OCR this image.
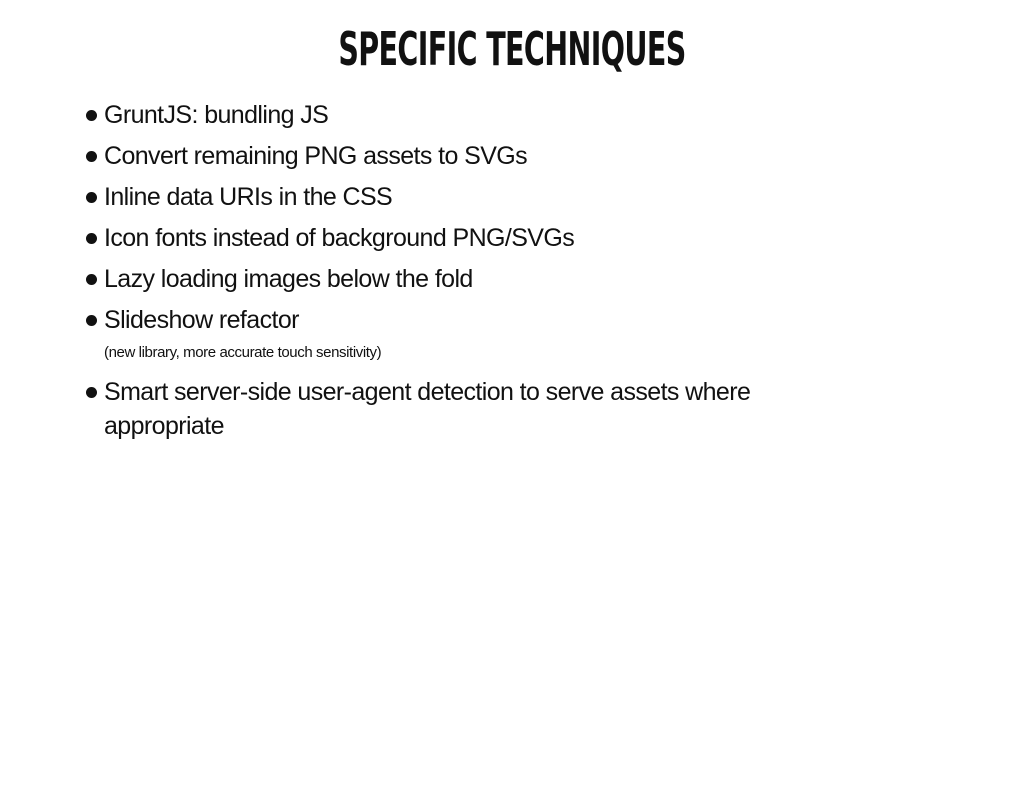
SPECIFIC TECHNIQUES
GruntJS: bundling JS
Convert remaining PNG assets to SVGs
Inline data URIs in the CSS
Icon fonts instead of background PNG/SVGs
Lazy loading images below the fold
Slideshow refactor
(new library, more accurate touch sensitivity)
Smart server-side user-agent detection to serve assets where appropriate
